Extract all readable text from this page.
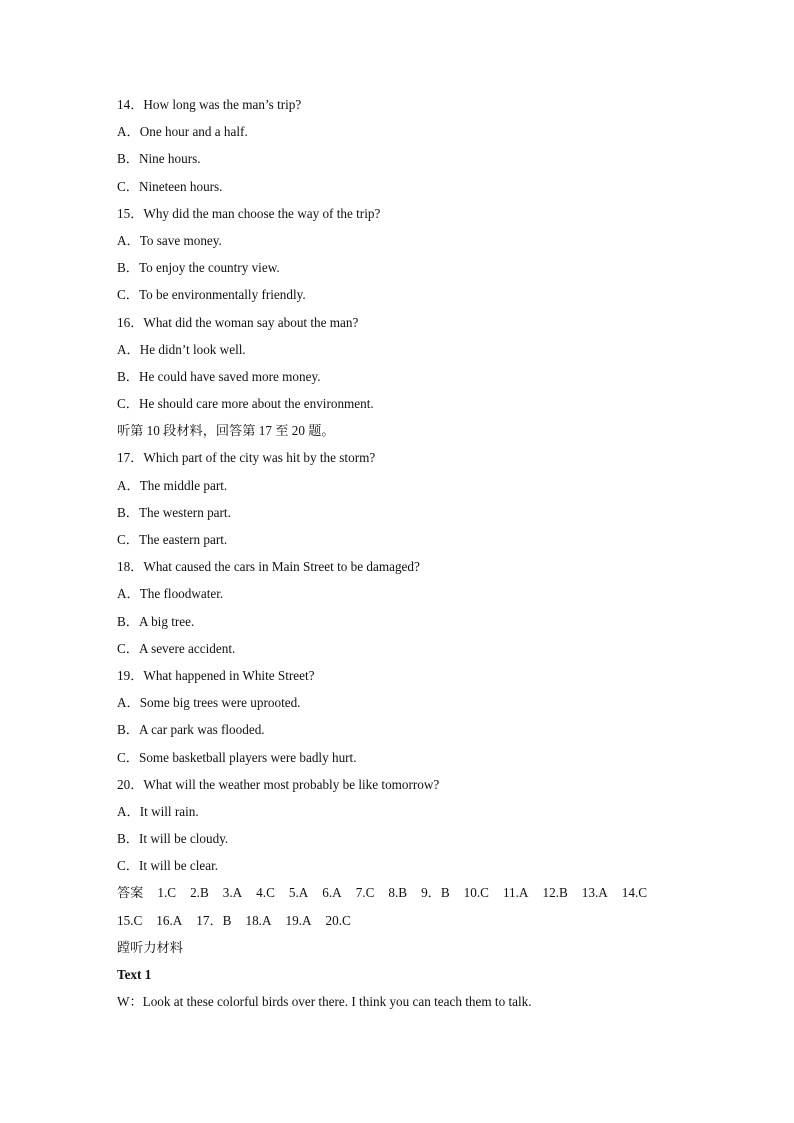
14．How long was the man’s trip?
A．One hour and a half.
B．Nine hours.
C．Nineteen hours.
15．Why did the man choose the way of the trip?
A．To save money.
B．To enjoy the country view.
C．To be environmentally friendly.
16．What did the woman say about the man?
A．He didn’t look well.
B．He could have saved more money.
C．He should care more about the environment.
听第 10 段材料，回答第 17 至 20 题。
17．Which part of the city was hit by the storm?
A．The middle part.
B．The western part.
C．The eastern part.
18．What caused the cars in Main Street to be damaged?
A．The floodwater.
B．A big tree.
C．A severe accident.
19．What happened in White Street?
A．Some big trees were uprooted.
B．A car park was flooded.
C．Some basketball players were badly hurt.
20．What will the weather most probably be like tomorrow?
A．It will rain.
B．It will be cloudy.
C．It will be clear.
答案 1.C 2.B 3.A 4.C 5.A 6.A 7.C 8.B 9．B 10.C 11.A 12.B 13.A 14.C
15.C 16.A 17．B 18.A 19.A 20.C
蹚听力材料
Text 1
W：Look at these colorful birds over there. I think you can teach them to talk.
